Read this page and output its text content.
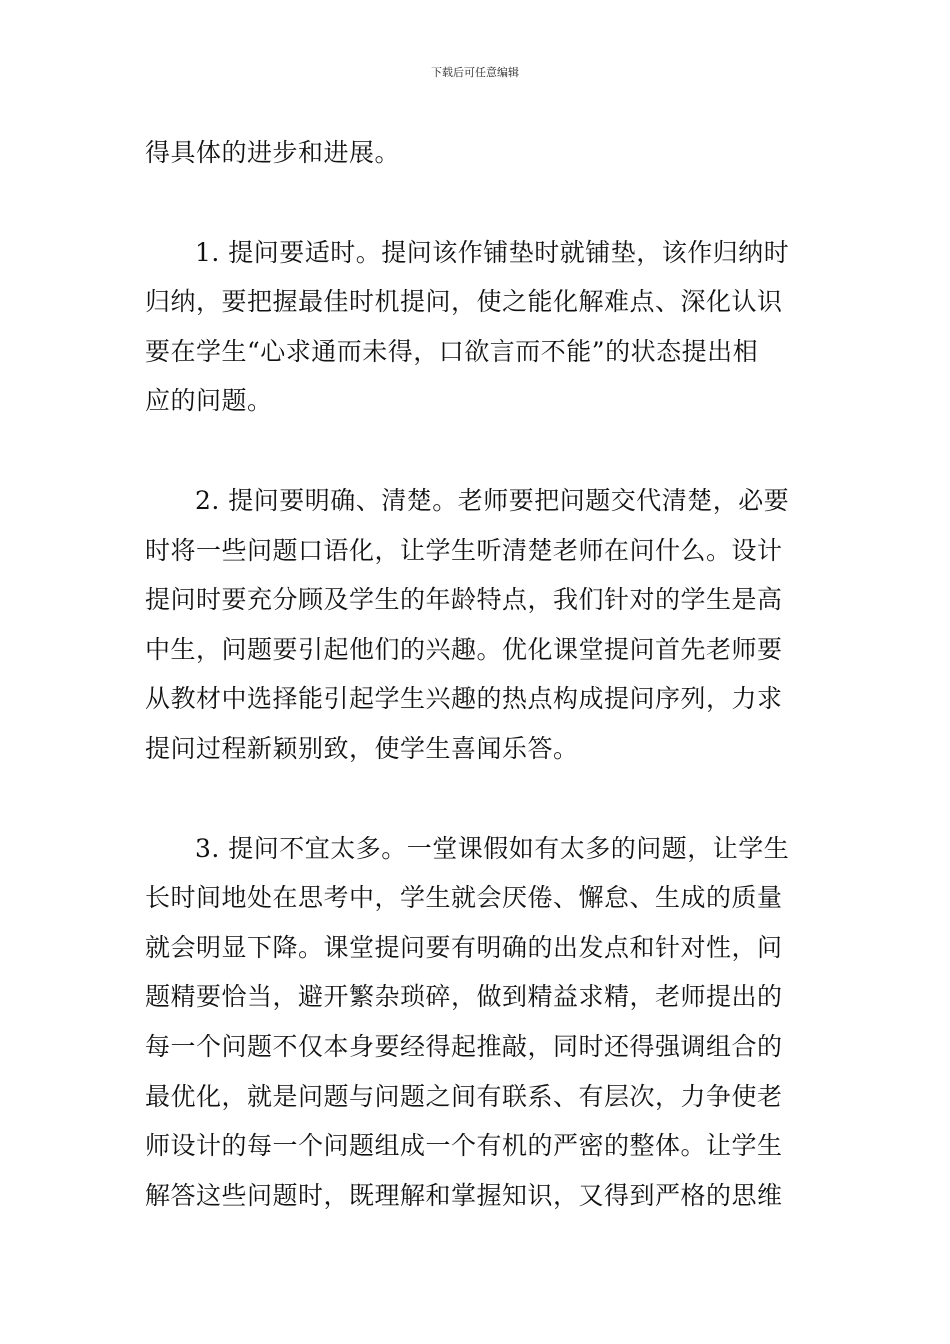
下载后可任意编辑
得具体的进步和进展。
1. 提问要适时。提问该作铺垫时就铺垫，该作归纳时
归纳，要把握最佳时机提问，使之能化解难点、深化认识
要在学生“心求通而未得，口欲言而不能”的状态提出相
应的问题。
2. 提问要明确、清楚。老师要把问题交代清楚，必要
时将一些问题口语化，让学生听清楚老师在问什么。设计
提问时要充分顾及学生的年龄特点，我们针对的学生是高
中生，问题要引起他们的兴趣。优化课堂提问首先老师要
从教材中选择能引起学生兴趣的热点构成提问序列，力求
提问过程新颖别致，使学生喜闻乐答。
3. 提问不宜太多。一堂课假如有太多的问题，让学生
长时间地处在思考中，学生就会厌倦、懈怠、生成的质量
就会明显下降。课堂提问要有明确的出发点和针对性，问
题精要恰当，避开繁杂琐碎，做到精益求精，老师提出的
每一个问题不仅本身要经得起推敲，同时还得强调组合的
最优化，就是问题与问题之间有联系、有层次，力争使老
师设计的每一个问题组成一个有机的严密的整体。让学生
解答这些问题时，既理解和掌握知识，又得到严格的思维
